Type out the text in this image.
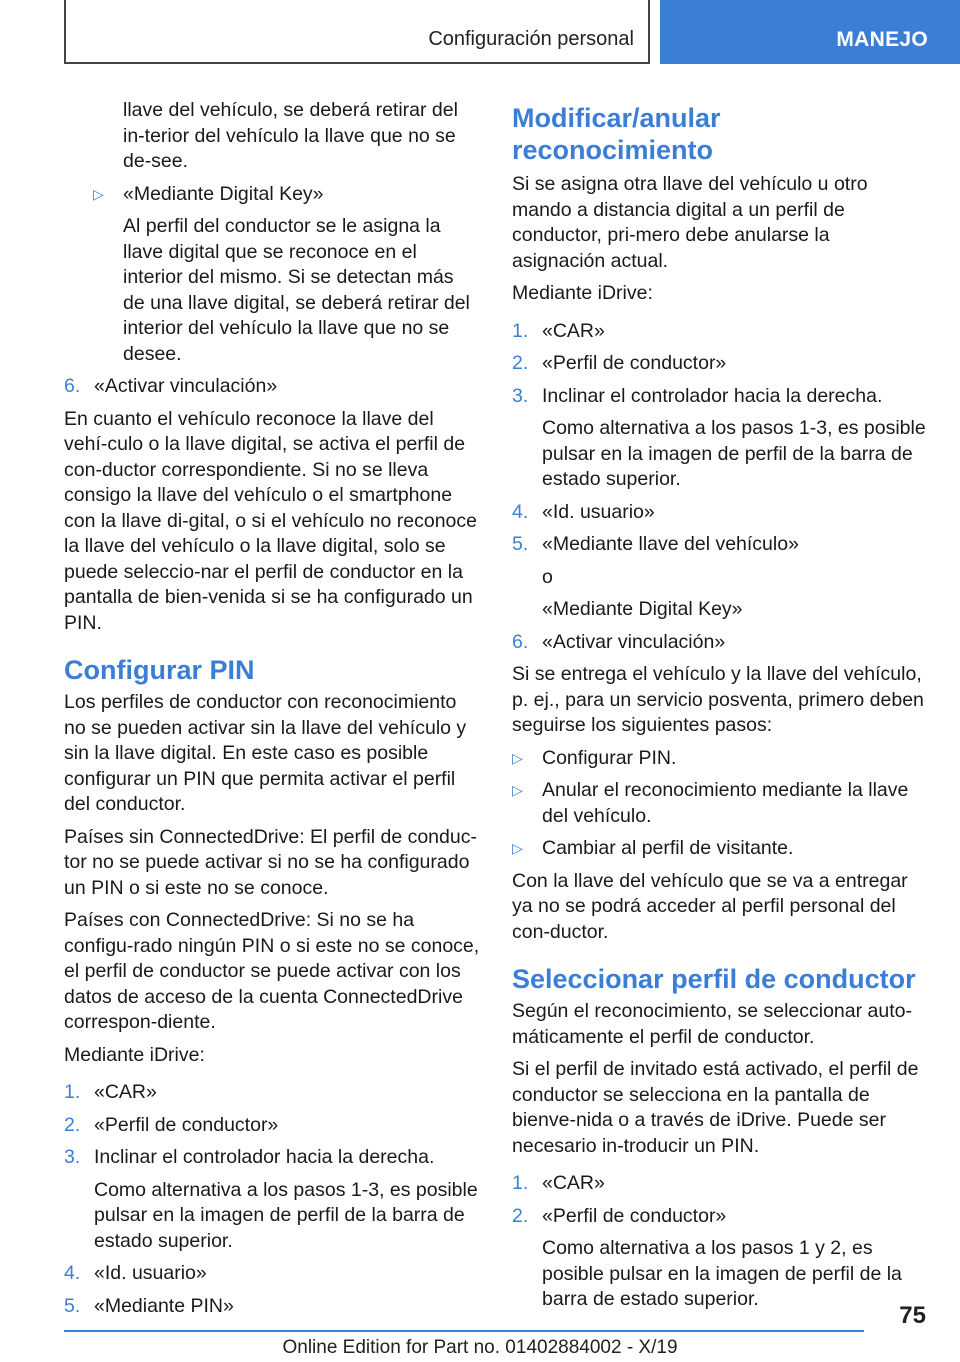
Configuración personal	MANEJO

llave del vehículo, se deberá retirar del in‐terior del vehículo la llave que no se de‐see.

▷ «Mediante Digital Key»

Al perfil del conductor se le asigna la llave digital que se reconoce en el interior del mismo. Si se detectan más de una llave digital, se deberá retirar del interior del vehículo la llave que no se desee.

6. «Activar vinculación»

En cuanto el vehículo reconoce la llave del vehí‐culo o la llave digital, se activa el perfil de con‐ductor correspondiente. Si no se lleva consigo la llave del vehículo o el smartphone con la llave di‐gital, o si el vehículo no reconoce la llave del vehículo o la llave digital, solo se puede seleccio‐nar el perfil de conductor en la pantalla de bien‐venida si se ha configurado un PIN.

Configurar PIN

Los perfiles de conductor con reconocimiento no se pueden activar sin la llave del vehículo y sin la llave digital. En este caso es posible configurar un PIN que permita activar el perfil del conductor.

Países sin ConnectedDrive: El perfil de conduc‐tor no se puede activar si no se ha configurado un PIN o si este no se conoce.

Países con ConnectedDrive: Si no se ha configu‐rado ningún PIN o si este no se conoce, el perfil de conductor se puede activar con los datos de acceso de la cuenta ConnectedDrive correspon‐diente.

Mediante iDrive:

1. «CAR»
2. «Perfil de conductor»
3. Inclinar el controlador hacia la derecha.

Como alternativa a los pasos 1‐3, es posible pulsar en la imagen de perfil de la barra de estado superior.

4. «Id. usuario»
5. «Mediante PIN»
Modificar/anular reconocimiento

Si se asigna otra llave del vehículo u otro mando a distancia digital a un perfil de conductor, pri‐mero debe anularse la asignación actual.

Mediante iDrive:

1. «CAR»
2. «Perfil de conductor»
3. Inclinar el controlador hacia la derecha.

Como alternativa a los pasos 1‐3, es posible pulsar en la imagen de perfil de la barra de estado superior.

4. «Id. usuario»
5. «Mediante llave del vehículo»

o

«Mediante Digital Key»

6. «Activar vinculación»

Si se entrega el vehículo y la llave del vehículo, p. ej., para un servicio posventa, primero deben seguirse los siguientes pasos:

▷ Configurar PIN.
▷ Anular el reconocimiento mediante la llave del vehículo.
▷ Cambiar al perfil de visitante.

Con la llave del vehículo que se va a entregar ya no se podrá acceder al perfil personal del con‐ductor.

Seleccionar perfil de conductor

Según el reconocimiento, se seleccionar auto‐máticamente el perfil de conductor.

Si el perfil de invitado está activado, el perfil de conductor se selecciona en la pantalla de bienve‐nida o a través de iDrive. Puede ser necesario in‐troducir un PIN.

1. «CAR»
2. «Perfil de conductor»

Como alternativa a los pasos 1 y 2, es posible pulsar en la imagen de perfil de la barra de estado superior.

75
Online Edition for Part no. 01402884002 - X/19
